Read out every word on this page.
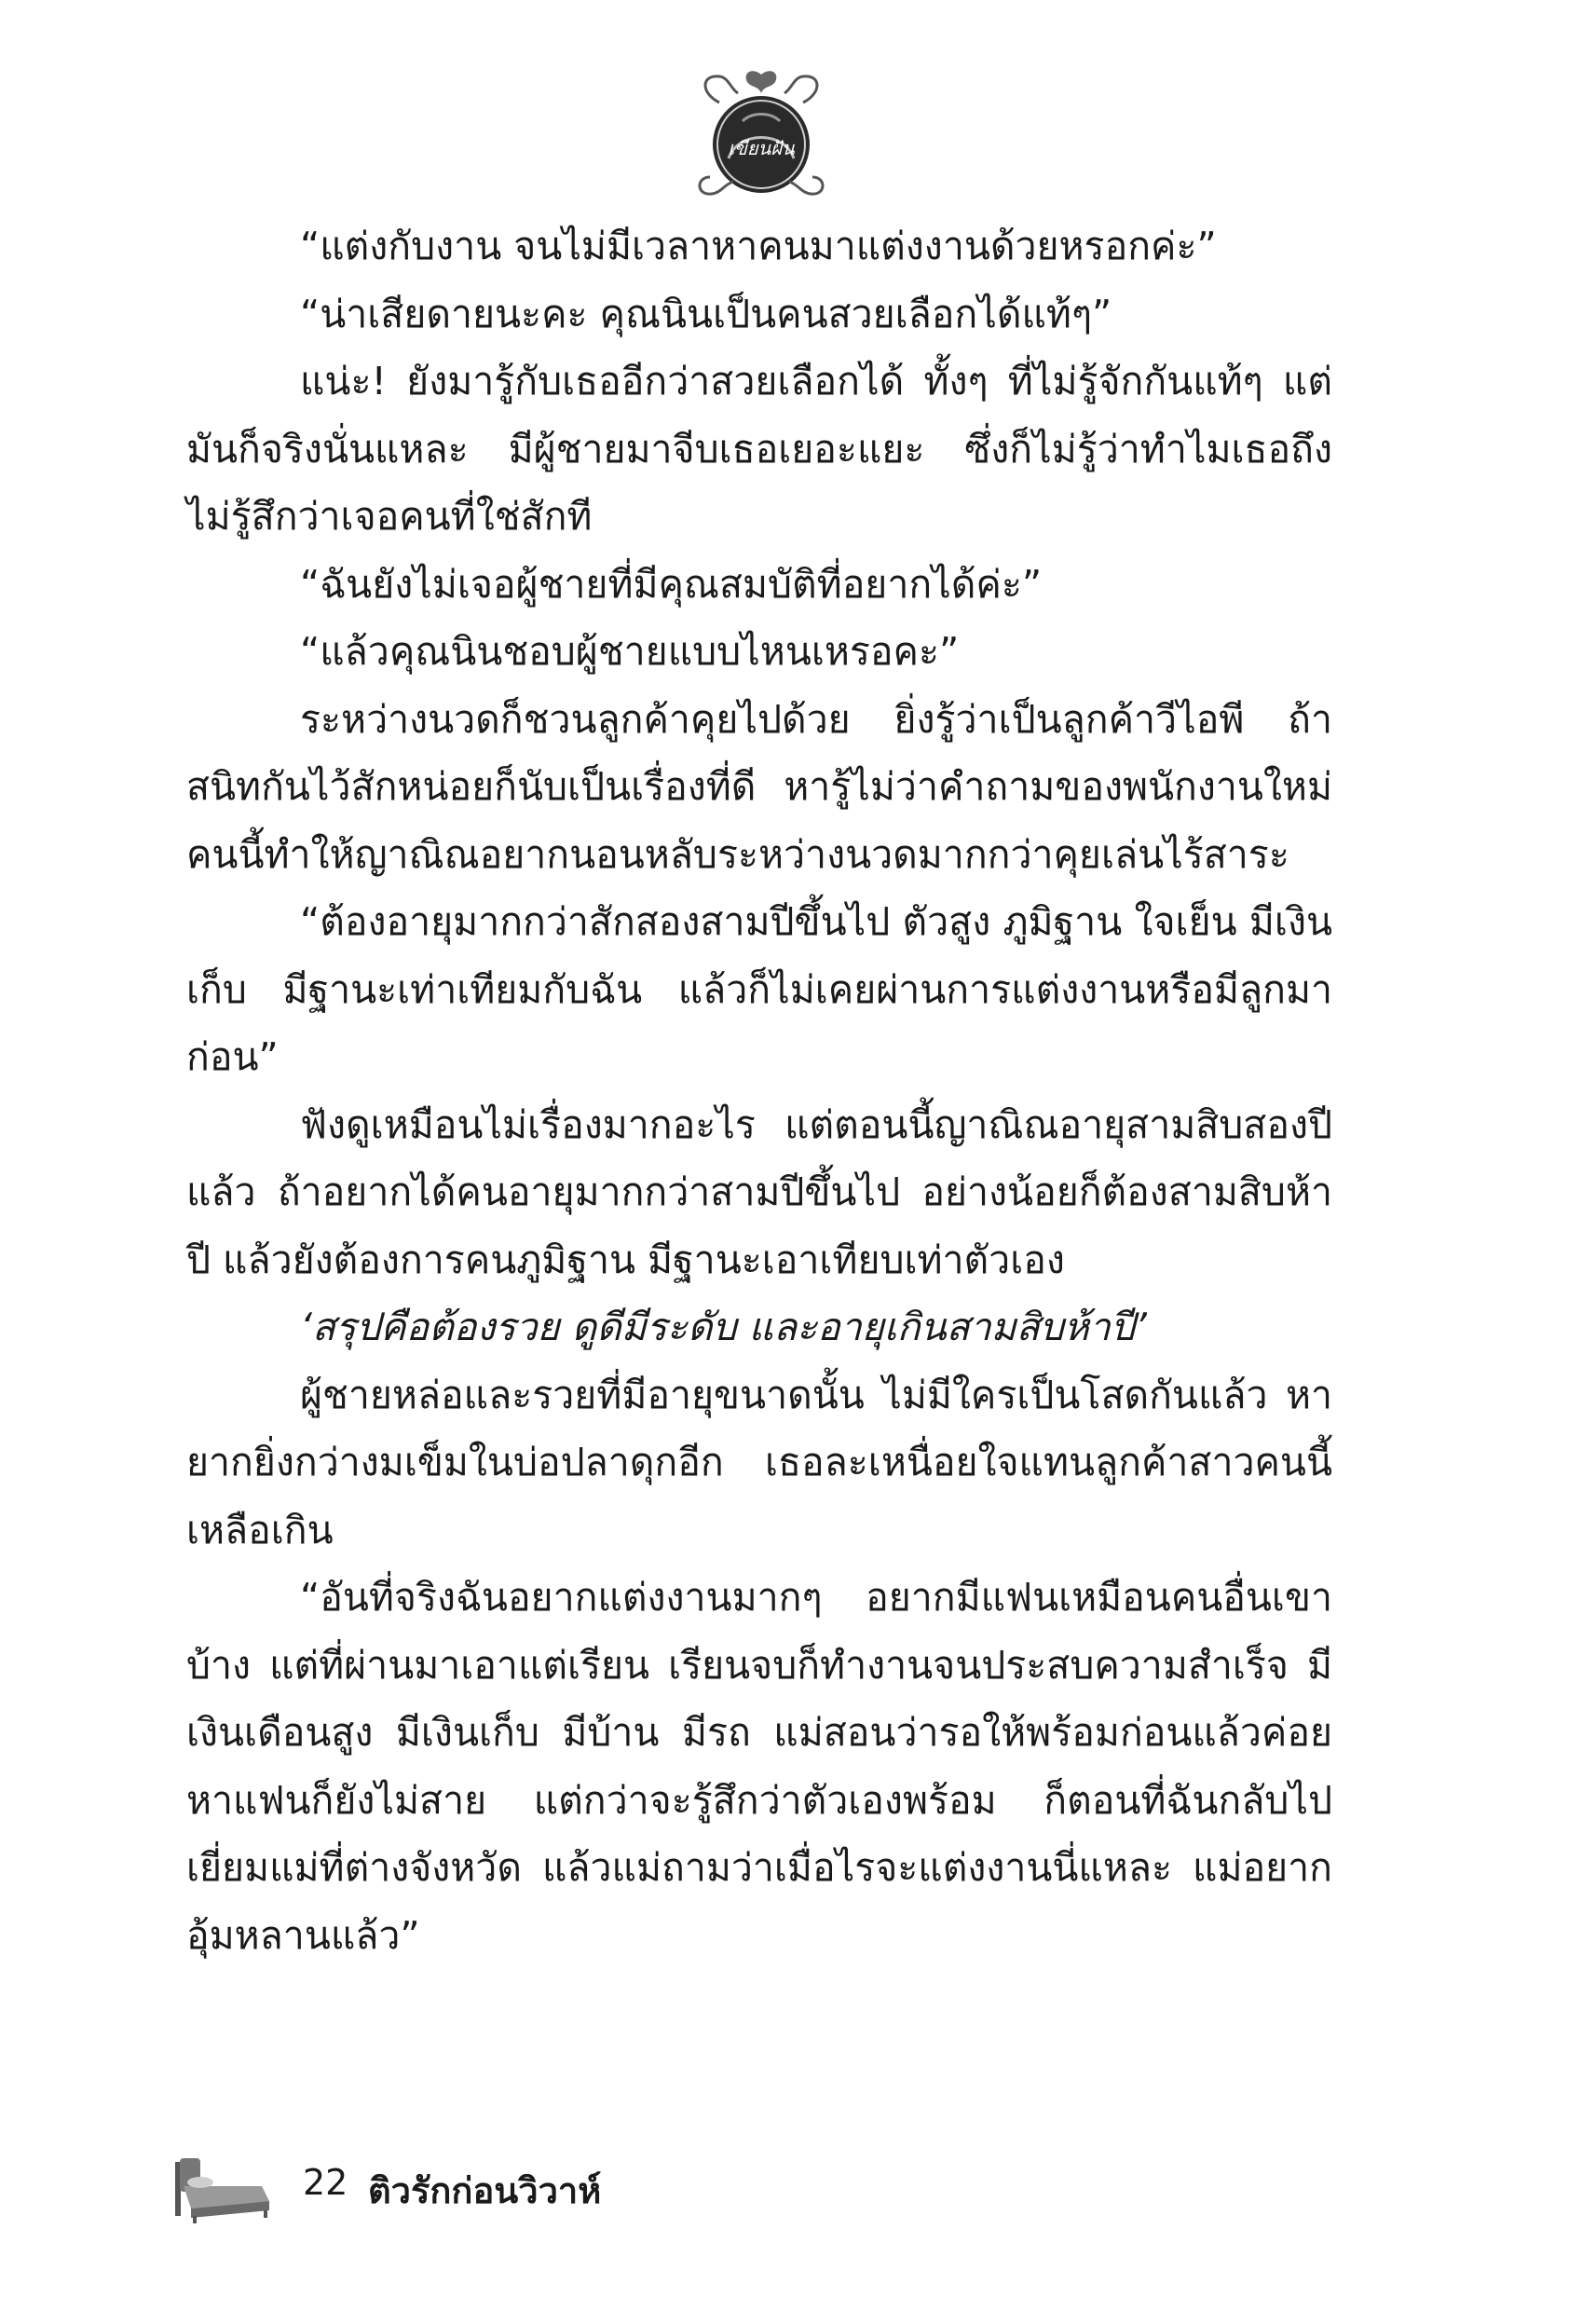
เขียนฝัน

“แต่งกับงาน จนไม่มีเวลาหาคนมาแต่งงานด้วยหรอกค่ะ”

“น่าเสียดายนะคะ คุณนินเป็นคนสวยเลือกได้แท้ๆ”

แน่ะ! ยังมารู้กับเธออีกว่าสวยเลือกได้ ทั้งๆ ที่ไม่รู้จักกันแท้ๆ แต่มันก็จริงนั่นแหละ มีผู้ชายมาจีบเธอเยอะแยะ ซึ่งก็ไม่รู้ว่าทำไมเธอถึงไม่รู้สึกว่าเจอคนที่ใช่สักที

“ฉันยังไม่เจอผู้ชายที่มีคุณสมบัติที่อยากได้ค่ะ”

“แล้วคุณนินชอบผู้ชายแบบไหนเหรอคะ”

ระหว่างนวดก็ชวนลูกค้าคุยไปด้วย ยิ่งรู้ว่าเป็นลูกค้าวีไอพี ถ้าสนิทกันไว้สักหน่อยก็นับเป็นเรื่องที่ดี หารู้ไม่ว่าคำถามของพนักงานใหม่คนนี้ทำให้ญาณิณอยากนอนหลับระหว่างนวดมากกว่าคุยเล่นไร้สาระ

“ต้องอายุมากกว่าสักสองสามปีขึ้นไป ตัวสูง ภูมิฐาน ใจเย็น มีเงินเก็บ มีฐานะเท่าเทียมกับฉัน แล้วก็ไม่เคยผ่านการแต่งงานหรือมีลูกมาก่อน”

ฟังดูเหมือนไม่เรื่องมากอะไร แต่ตอนนี้ญาณิณอายุสามสิบสองปีแล้ว ถ้าอยากได้คนอายุมากกว่าสามปีขึ้นไป อย่างน้อยก็ต้องสามสิบห้าปี แล้วยังต้องการคนภูมิฐาน มีฐานะเอาเทียบเท่าตัวเอง

‘สรุปคือต้องรวย ดูดีมีระดับ และอายุเกินสามสิบห้าปี’

ผู้ชายหล่อและรวยที่มีอายุขนาดนั้น ไม่มีใครเป็นโสดกันแล้ว หายากยิ่งกว่างมเข็มในบ่อปลาดุกอีก เธอละเหนื่อยใจแทนลูกค้าสาวคนนี้เหลือเกิน

“อันที่จริงฉันอยากแต่งงานมากๆ อยากมีแฟนเหมือนคนอื่นเขาบ้าง แต่ที่ผ่านมาเอาแต่เรียน เรียนจบก็ทำงานจนประสบความสำเร็จ มีเงินเดือนสูง มีเงินเก็บ มีบ้าน มีรถ แม่สอนว่ารอให้พร้อมก่อนแล้วค่อยหาแฟนก็ยังไม่สาย แต่กว่าจะรู้สึกว่าตัวเองพร้อม ก็ตอนที่ฉันกลับไปเยี่ยมแม่ที่ต่างจังหวัด แล้วแม่ถามว่าเมื่อไรจะแต่งงานนี่แหละ แม่อยากอุ้มหลานแล้ว”

22 ติวรักก่อนวิวาห์
